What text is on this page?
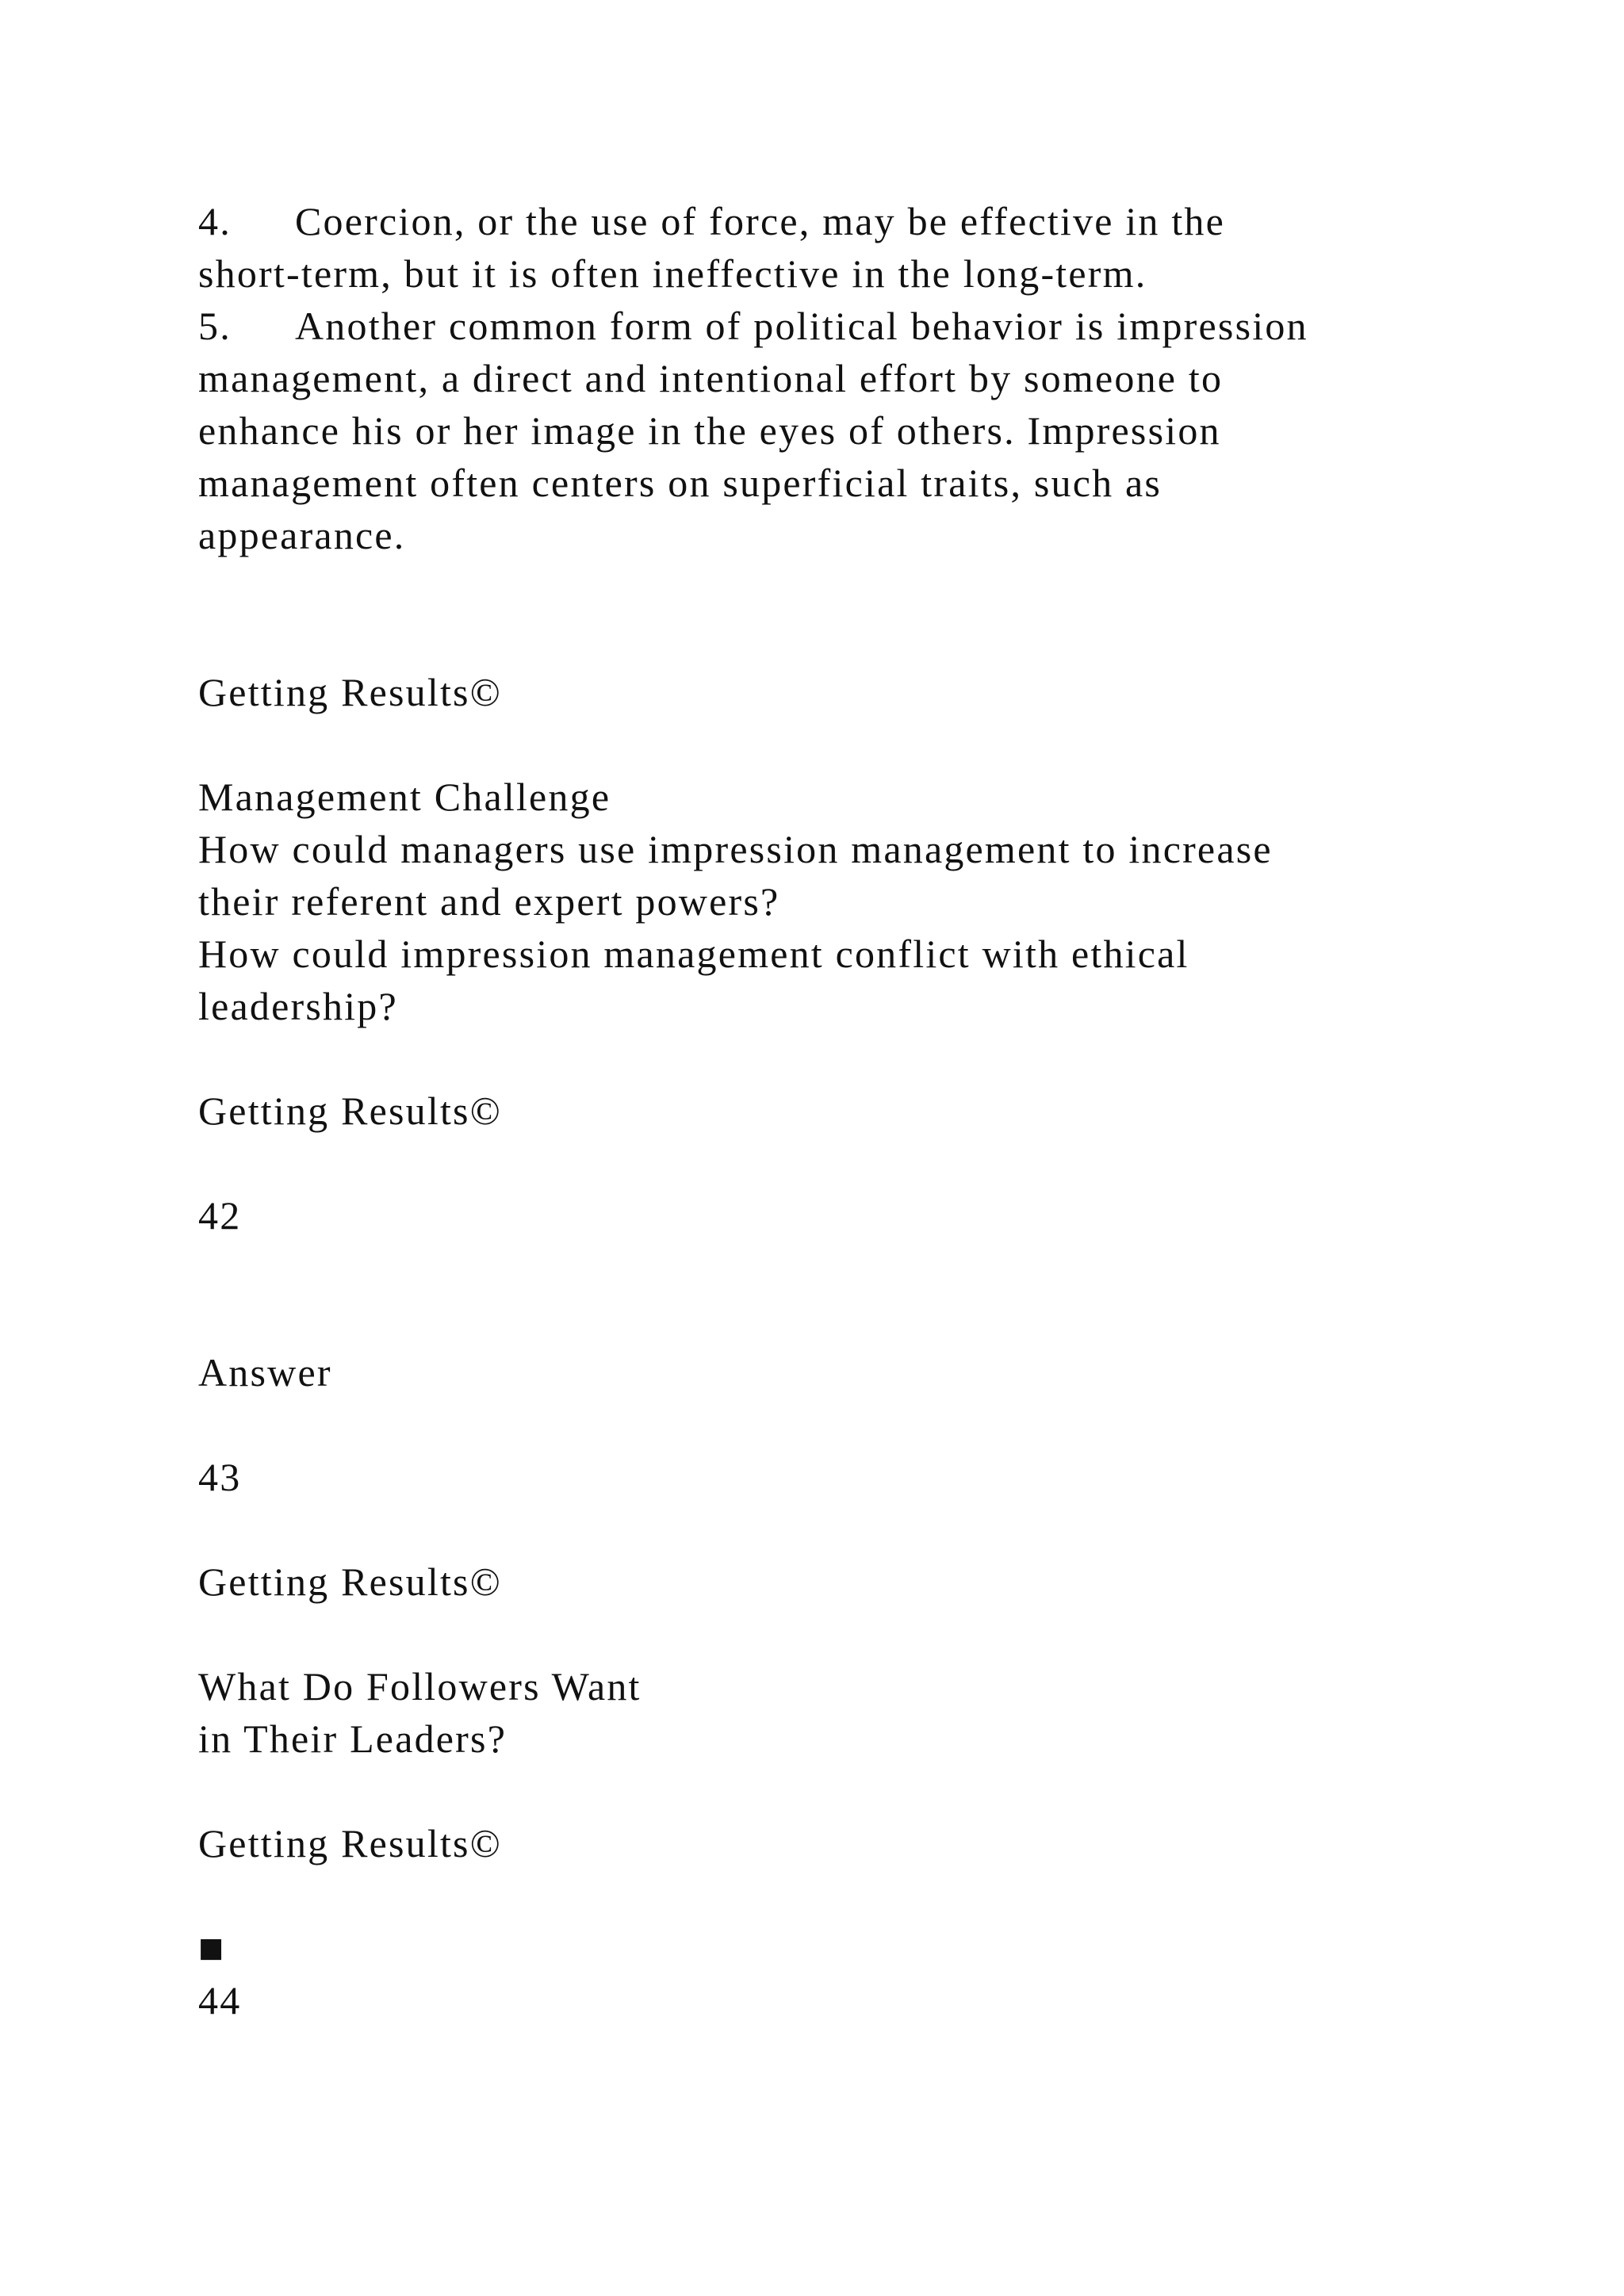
4. Coercion, or the use of force, may be effective in the
short-term, but it is often ineffective in the long-term.
5. Another common form of political behavior is impression
management, a direct and intentional effort by someone to
enhance his or her image in the eyes of others. Impression
management often centers on superficial traits, such as
appearance.
Getting Results©
Management Challenge
How could managers use impression management to increase
their referent and expert powers?
How could impression management conflict with ethical
leadership?
Getting Results©
42
Answer
43
Getting Results©
What Do Followers Want
in Their Leaders?
Getting Results©
■
44
